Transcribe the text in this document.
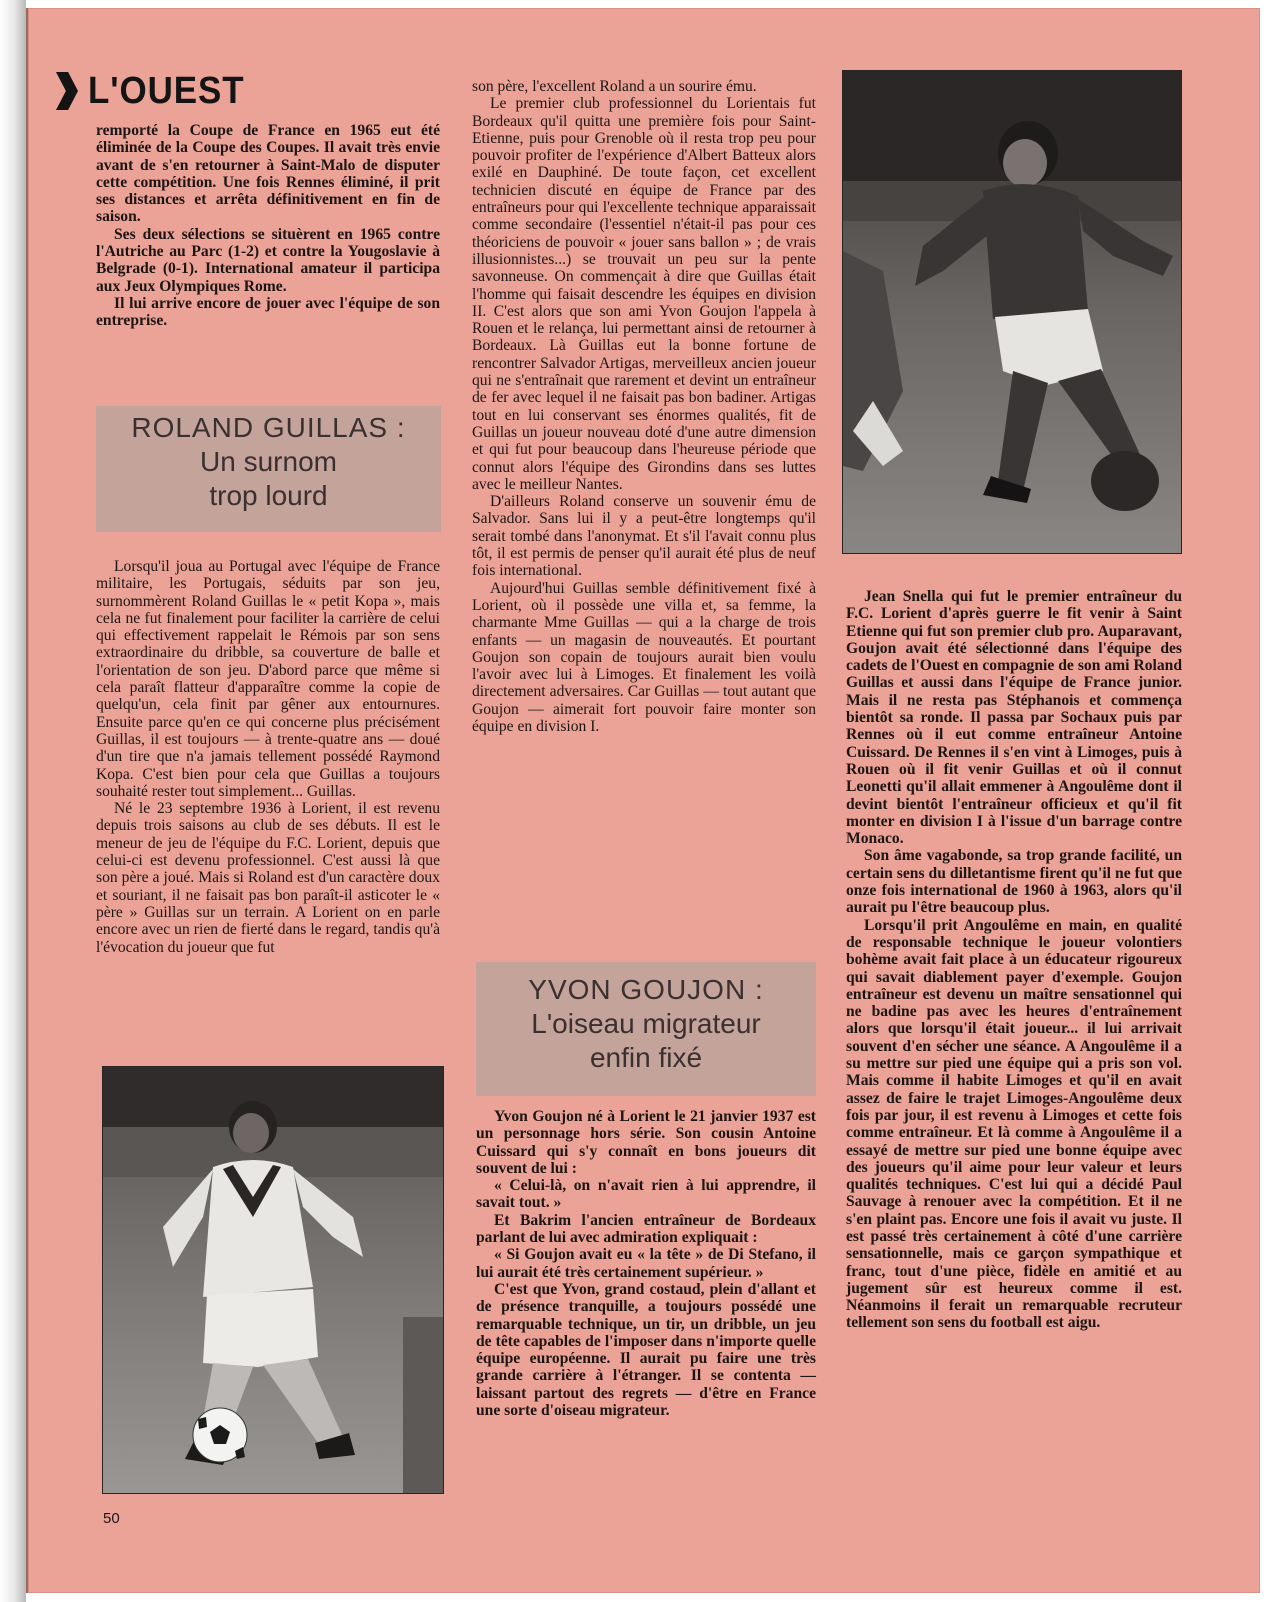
L'OUEST

remporté la Coupe de France en 1965 eut été éliminée de la Coupe des Coupes. Il avait très envie avant de s'en retourner à Saint-Malo de disputer cette compétition. Une fois Rennes éliminé, il prit ses distances et arrêta définitivement en fin de saison.

Ses deux sélections se situèrent en 1965 contre l'Autriche au Parc (1-2) et contre la Yougoslavie à Belgrade (0-1). International amateur il participa aux Jeux Olympiques Rome.

Il lui arrive encore de jouer avec l'équipe de son entreprise.

ROLAND GUILLAS :
Un surnom
trop lourd

Lorsqu'il joua au Portugal avec l'équipe de France militaire, les Portugais, séduits par son jeu, surnommèrent Roland Guillas le « petit Kopa », mais cela ne fut finalement pour faciliter la carrière de celui qui effectivement rappelait le Rémois par son sens extraordinaire du dribble, sa couverture de balle et l'orientation de son jeu. D'abord parce que même si cela paraît flatteur d'apparaître comme la copie de quelqu'un, cela finit par gêner aux entournures. Ensuite parce qu'en ce qui concerne plus précisément Guillas, il est toujours — à trente-quatre ans — doué d'un tire que n'a jamais tellement possédé Raymond Kopa. C'est bien pour cela que Guillas a toujours souhaité rester tout simplement... Guillas.

Né le 23 septembre 1936 à Lorient, il est revenu depuis trois saisons au club de ses débuts. Il est le meneur de jeu de l'équipe du F.C. Lorient, depuis que celui-ci est devenu professionnel. C'est aussi là que son père a joué. Mais si Roland est d'un caractère doux et souriant, il ne faisait pas bon paraît-il asticoter le « père » Guillas sur un terrain. A Lorient on en parle encore avec un rien de fierté dans le regard, tandis qu'à l'évocation du joueur que fut

son père, l'excellent Roland a un sourire ému.

Le premier club professionnel du Lorientais fut Bordeaux qu'il quitta une première fois pour Saint-Etienne, puis pour Grenoble où il resta trop peu pour pouvoir profiter de l'expérience d'Albert Batteux alors exilé en Dauphiné. De toute façon, cet excellent technicien discuté en équipe de France par des entraîneurs pour qui l'excellente technique apparaissait comme secondaire (l'essentiel n'était-il pas pour ces théoriciens de pouvoir « jouer sans ballon » ; de vrais illusionnistes...) se trouvait un peu sur la pente savonneuse. On commençait à dire que Guillas était l'homme qui faisait descendre les équipes en division II. C'est alors que son ami Yvon Goujon l'appela à Rouen et le relança, lui permettant ainsi de retourner à Bordeaux. Là Guillas eut la bonne fortune de rencontrer Salvador Artigas, merveilleux ancien joueur qui ne s'entraînait que rarement et devint un entraîneur de fer avec lequel il ne faisait pas bon badiner. Artigas tout en lui conservant ses énormes qualités, fit de Guillas un joueur nouveau doté d'une autre dimension et qui fut pour beaucoup dans l'heureuse période que connut alors l'équipe des Girondins dans ses luttes avec le meilleur Nantes.

D'ailleurs Roland conserve un souvenir ému de Salvador. Sans lui il y a peut-être longtemps qu'il serait tombé dans l'anonymat. Et s'il l'avait connu plus tôt, il est permis de penser qu'il aurait été plus de neuf fois international.

Aujourd'hui Guillas semble définitivement fixé à Lorient, où il possède une villa et, sa femme, la charmante Mme Guillas — qui a la charge de trois enfants — un magasin de nouveautés. Et pourtant Goujon son copain de toujours aurait bien voulu l'avoir avec lui à Limoges. Et finalement les voilà directement adversaires. Car Guillas — tout autant que Goujon — aimerait fort pouvoir faire monter son équipe en division I.

YVON GOUJON :
L'oiseau migrateur
enfin fixé

Yvon Goujon né à Lorient le 21 janvier 1937 est un personnage hors série. Son cousin Antoine Cuissard qui s'y connaît en bons joueurs dit souvent de lui :

« Celui-là, on n'avait rien à lui apprendre, il savait tout. »

Et Bakrim l'ancien entraîneur de Bordeaux parlant de lui avec admiration expliquait :

« Si Goujon avait eu « la tête » de Di Stefano, il lui aurait été très certainement supérieur. »

C'est que Yvon, grand costaud, plein d'allant et de présence tranquille, a toujours possédé une remarquable technique, un tir, un dribble, un jeu de tête capables de l'imposer dans n'importe quelle équipe européenne. Il aurait pu faire une très grande carrière à l'étranger. Il se contenta — laissant partout des regrets — d'être en France une sorte d'oiseau migrateur.

Jean Snella qui fut le premier entraîneur du F.C. Lorient d'après guerre le fit venir à Saint Etienne qui fut son premier club pro. Auparavant, Goujon avait été sélectionné dans l'équipe des cadets de l'Ouest en compagnie de son ami Roland Guillas et aussi dans l'équipe de France junior. Mais il ne resta pas Stéphanois et commença bientôt sa ronde. Il passa par Sochaux puis par Rennes où il eut comme entraîneur Antoine Cuissard. De Rennes il s'en vint à Limoges, puis à Rouen où il fit venir Guillas et où il connut Leonetti qu'il allait emmener à Angoulême dont il devint bientôt l'entraîneur officieux et qu'il fit monter en division I à l'issue d'un barrage contre Monaco.

Son âme vagabonde, sa trop grande facilité, un certain sens du dilletantisme firent qu'il ne fut que onze fois international de 1960 à 1963, alors qu'il aurait pu l'être beaucoup plus.

Lorsqu'il prit Angoulême en main, en qualité de responsable technique le joueur volontiers bohème avait fait place à un éducateur rigoureux qui savait diablement payer d'exemple. Goujon entraîneur est devenu un maître sensationnel qui ne badine pas avec les heures d'entraînement alors que lorsqu'il était joueur... il lui arrivait souvent d'en sécher une séance. A Angoulême il a su mettre sur pied une équipe qui a pris son vol. Mais comme il habite Limoges et qu'il en avait assez de faire le trajet Limoges-Angoulême deux fois par jour, il est revenu à Limoges et cette fois comme entraîneur. Et là comme à Angoulême il a essayé de mettre sur pied une bonne équipe avec des joueurs qu'il aime pour leur valeur et leurs qualités techniques. C'est lui qui a décidé Paul Sauvage à renouer avec la compétition. Et il ne s'en plaint pas. Encore une fois il avait vu juste. Il est passé très certainement à côté d'une carrière sensationnelle, mais ce garçon sympathique et franc, tout d'une pièce, fidèle en amitié et au jugement sûr est heureux comme il est. Néanmoins il ferait un remarquable recruteur tellement son sens du football est aigu.

50
